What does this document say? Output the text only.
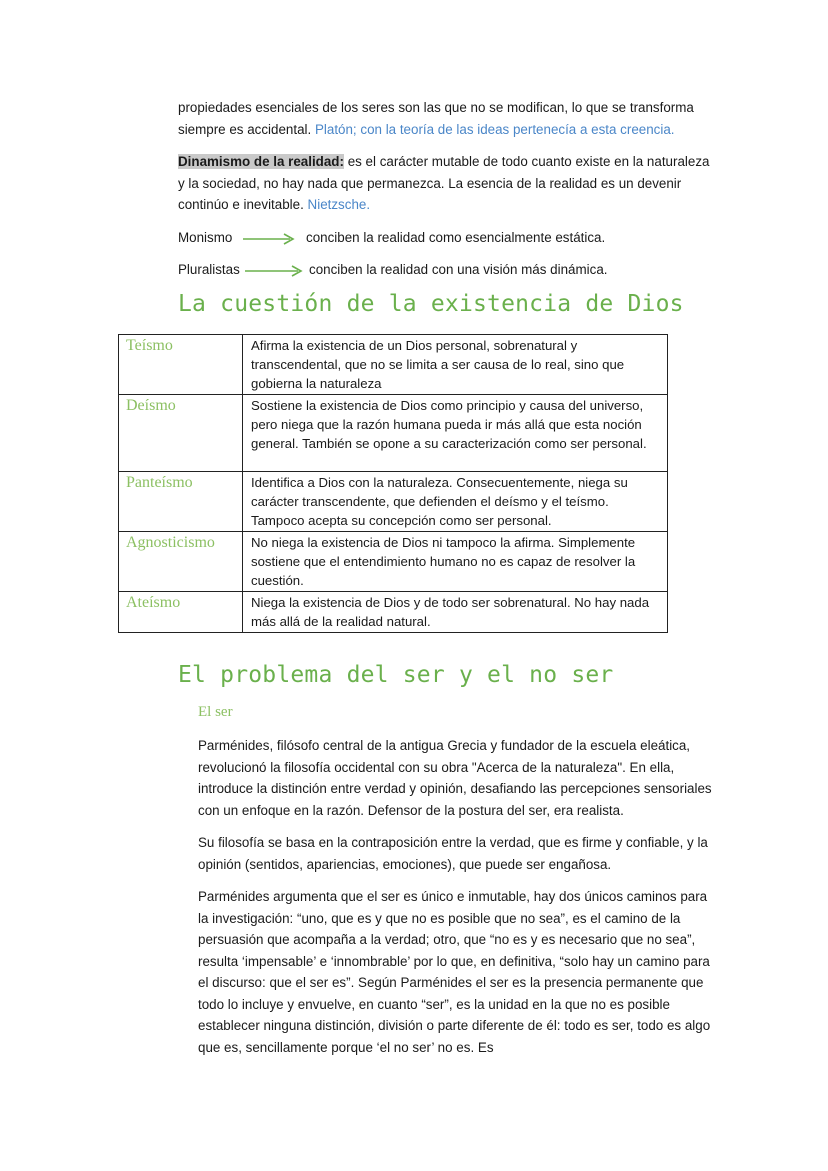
propiedades esenciales de los seres son las que no se modifican, lo que se transforma siempre es accidental. Platón; con la teoría de las ideas pertenecía a esta creencia.
Dinamismo de la realidad: es el carácter mutable de todo cuanto existe en la naturaleza y la sociedad, no hay nada que permanezca. La esencia de la realidad es un devenir continúo e inevitable. Nietzsche.
Monismo	conciben la realidad como esencialmente estática.
Pluralistas	conciben la realidad con una visión más dinámica.
La cuestión de la existencia de Dios
Teísmo	Afirma la existencia de un Dios personal, sobrenatural y transcendental, que no se limita a ser causa de lo real, sino que gobierna la naturaleza
Deísmo	Sostiene la existencia de Dios como principio y causa del universo, pero niega que la razón humana pueda ir más allá que esta noción general. También se opone a su caracterización como ser personal.
Panteísmo	Identifica a Dios con la naturaleza. Consecuentemente, niega su carácter transcendente, que defienden el deísmo y el teísmo. Tampoco acepta su concepción como ser personal.
Agnosticismo	No niega la existencia de Dios ni tampoco la afirma. Simplemente sostiene que el entendimiento humano no es capaz de resolver la cuestión.
Ateísmo	Niega la existencia de Dios y de todo ser sobrenatural. No hay nada más allá de la realidad natural.
El problema del ser y el no ser
El ser
Parménides, filósofo central de la antigua Grecia y fundador de la escuela eleática, revolucionó la filosofía occidental con su obra "Acerca de la naturaleza". En ella, introduce la distinción entre verdad y opinión, desafiando las percepciones sensoriales con un enfoque en la razón. Defensor de la postura del ser, era realista.
Su filosofía se basa en la contraposición entre la verdad, que es firme y confiable, y la opinión (sentidos, apariencias, emociones), que puede ser engañosa.
Parménides argumenta que el ser es único e inmutable, hay dos únicos caminos para la investigación: “uno, que es y que no es posible que no sea”, es el camino de la persuasión que acompaña a la verdad; otro, que “no es y es necesario que no sea”, resulta ‘impensable’ e ‘innombrable’ por lo que, en definitiva, “solo hay un camino para el discurso: que el ser es”. Según Parménides el ser es la presencia permanente que todo lo incluye y envuelve, en cuanto “ser”, es la unidad en la que no es posible establecer ninguna distinción, división o parte diferente de él: todo es ser, todo es algo que es, sencillamente porque ‘el no ser’ no es. Es
